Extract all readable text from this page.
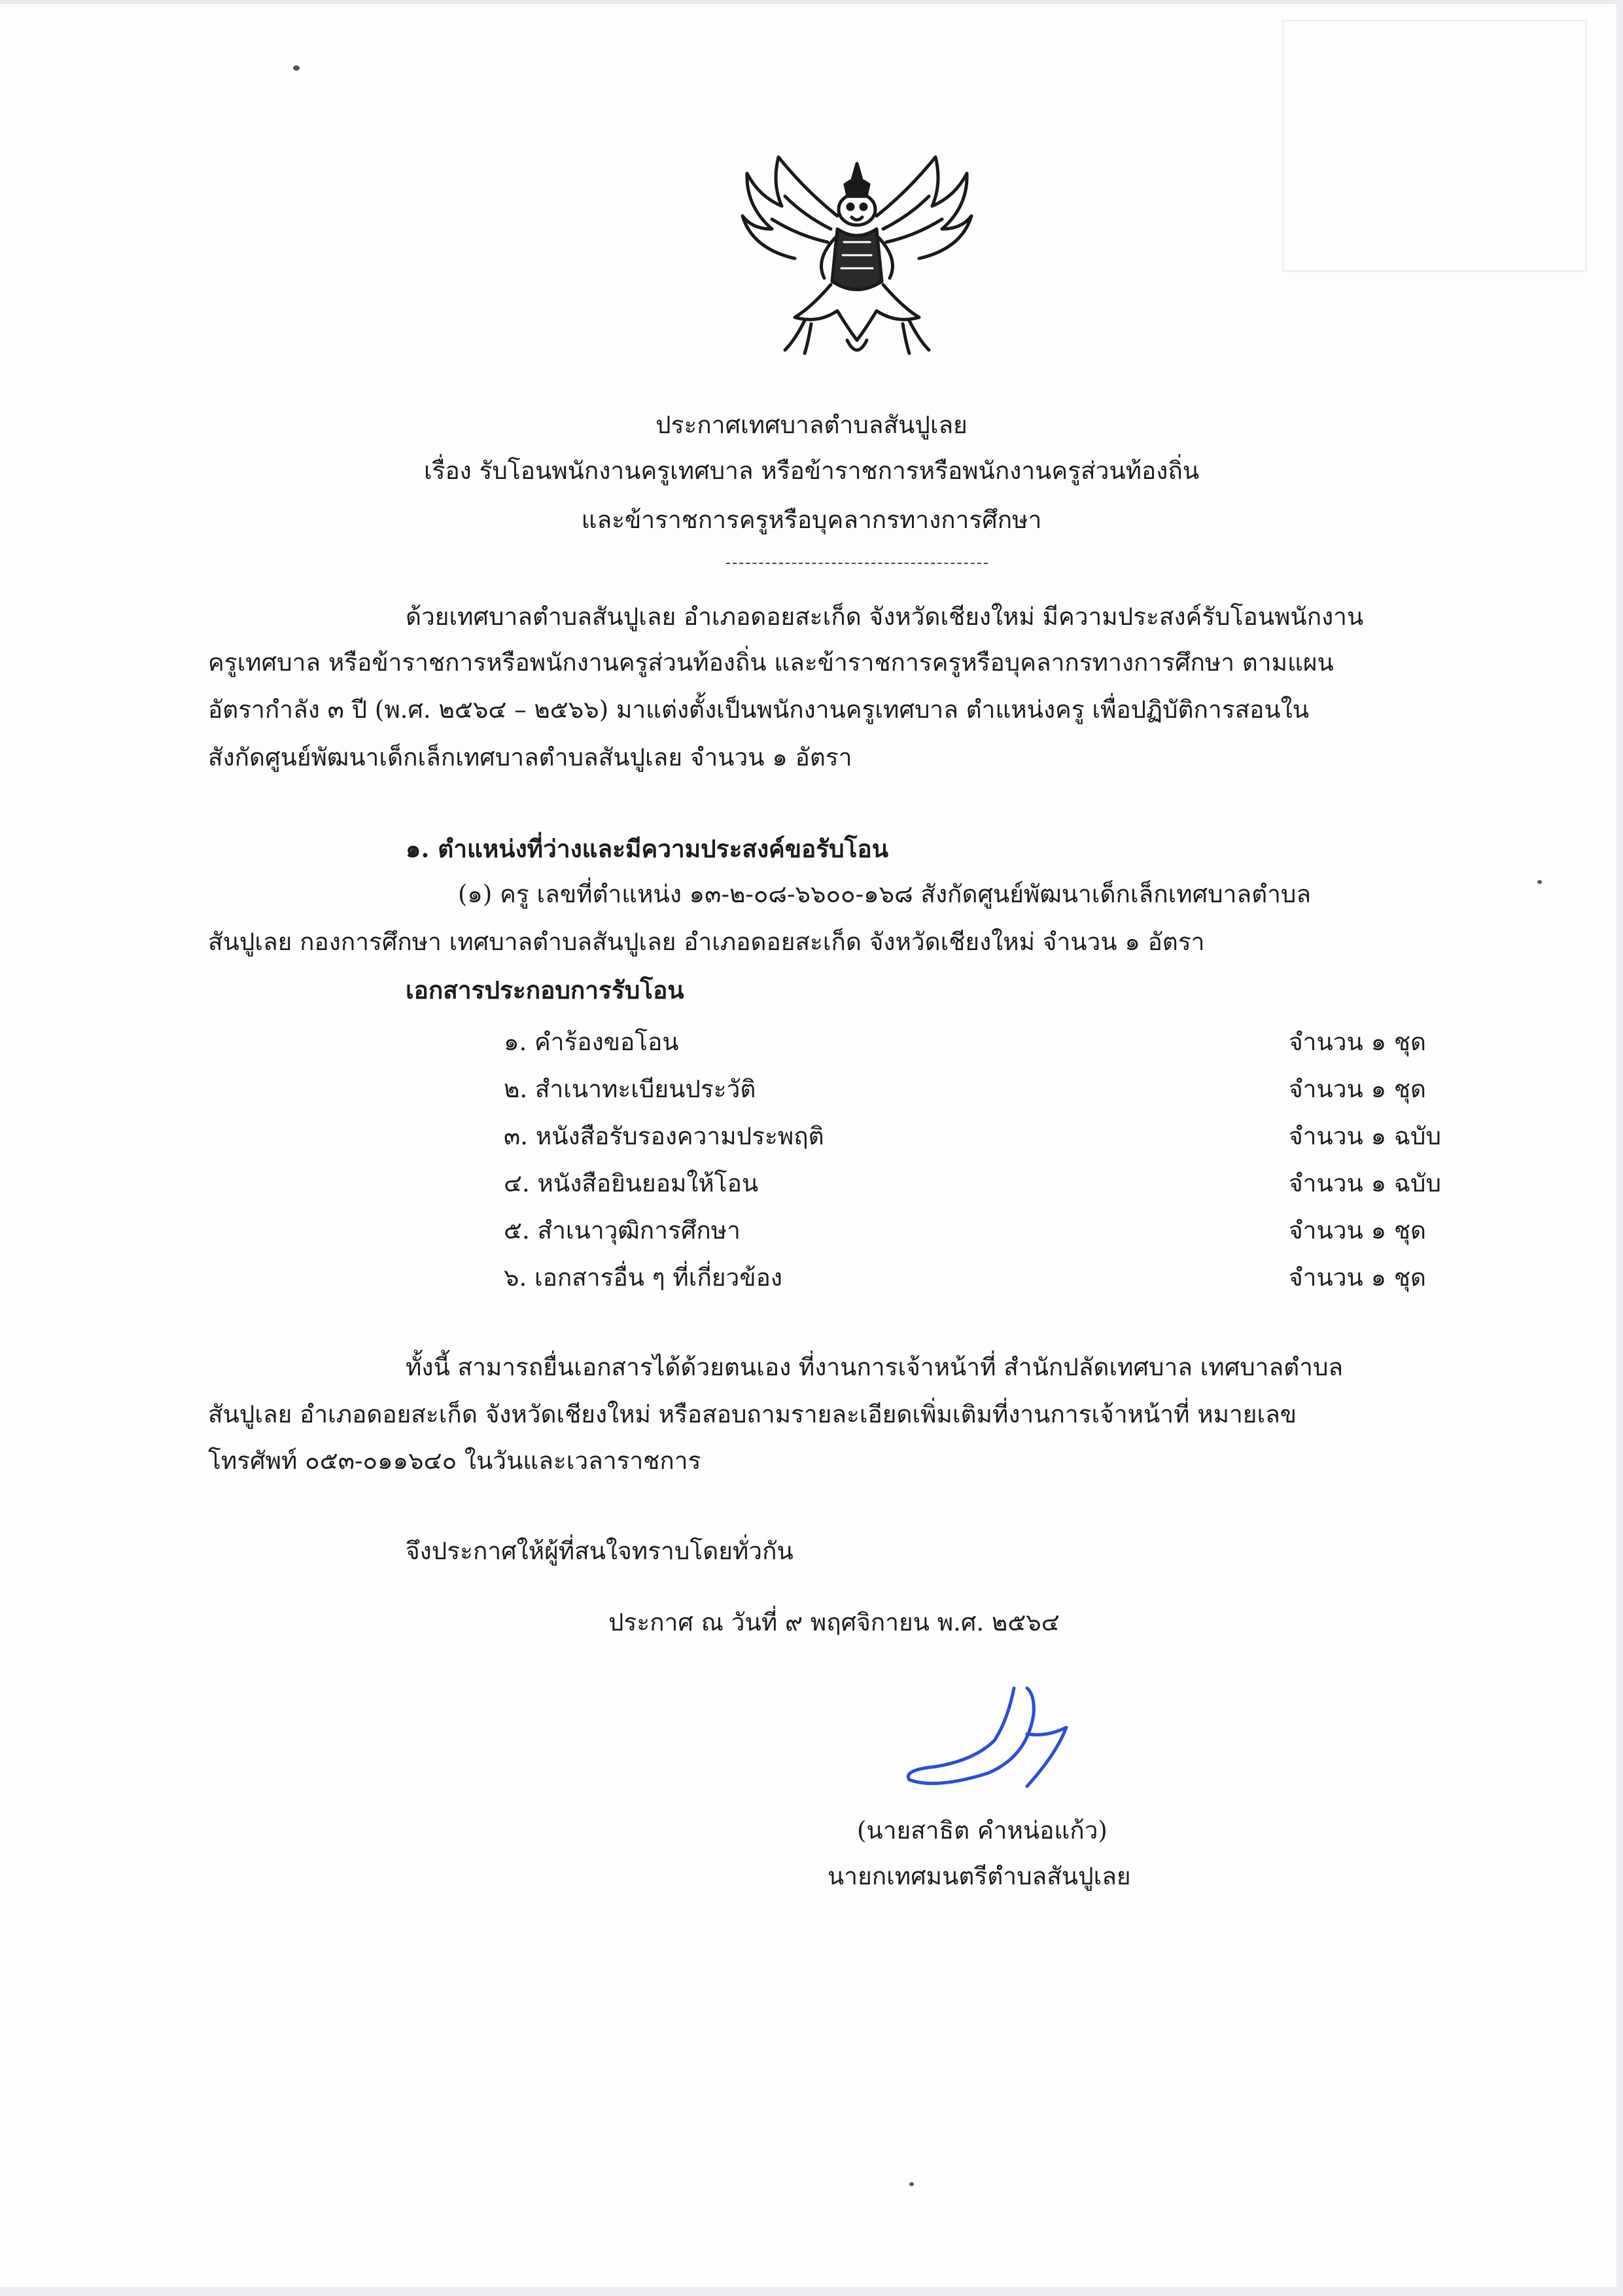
ประกาศเทศบาลตำบลสันปูเลย
เรื่อง รับโอนพนักงานครูเทศบาล หรือข้าราชการหรือพนักงานครูส่วนท้องถิ่น
และข้าราชการครูหรือบุคลากรทางการศึกษา
ด้วยเทศบาลตำบลสันปูเลย อำเภอดอยสะเก็ด จังหวัดเชียงใหม่ มีความประสงค์รับโอนพนักงาน
ครูเทศบาล หรือข้าราชการหรือพนักงานครูส่วนท้องถิ่น และข้าราชการครูหรือบุคลากรทางการศึกษา ตามแผน
อัตรากำลัง ๓ ปี (พ.ศ. ๒๕๖๔ – ๒๕๖๖) มาแต่งตั้งเป็นพนักงานครูเทศบาล ตำแหน่งครู เพื่อปฏิบัติการสอนใน
สังกัดศูนย์พัฒนาเด็กเล็กเทศบาลตำบลสันปูเลย จำนวน ๑ อัตรา
๑. ตำแหน่งที่ว่างและมีความประสงค์ขอรับโอน
(๑) ครู เลขที่ตำแหน่ง ๑๓-๒-๐๘-๖๖๐๐-๑๖๘ สังกัดศูนย์พัฒนาเด็กเล็กเทศบาลตำบล
สันปูเลย กองการศึกษา เทศบาลตำบลสันปูเลย อำเภอดอยสะเก็ด จังหวัดเชียงใหม่ จำนวน ๑ อัตรา
เอกสารประกอบการรับโอน
๑. คำร้องขอโอน	จำนวน ๑ ชุด
๒. สำเนาทะเบียนประวัติ	จำนวน ๑ ชุด
๓. หนังสือรับรองความประพฤติ	จำนวน ๑ ฉบับ
๔. หนังสือยินยอมให้โอน	จำนวน ๑ ฉบับ
๕. สำเนาวุฒิการศึกษา	จำนวน ๑ ชุด
๖. เอกสารอื่น ๆ ที่เกี่ยวข้อง	จำนวน ๑ ชุด
ทั้งนี้ สามารถยื่นเอกสารได้ด้วยตนเอง ที่งานการเจ้าหน้าที่ สำนักปลัดเทศบาล เทศบาลตำบล
สันปูเลย อำเภอดอยสะเก็ด จังหวัดเชียงใหม่ หรือสอบถามรายละเอียดเพิ่มเติมที่งานการเจ้าหน้าที่ หมายเลข
โทรศัพท์ ๐๕๓-๐๑๑๖๔๐ ในวันและเวลาราชการ
จึงประกาศให้ผู้ที่สนใจทราบโดยทั่วกัน
ประกาศ ณ วันที่ ๙ พฤศจิกายน พ.ศ. ๒๕๖๔
(นายสาธิต คำหน่อแก้ว)
นายกเทศมนตรีตำบลสันปูเลย
